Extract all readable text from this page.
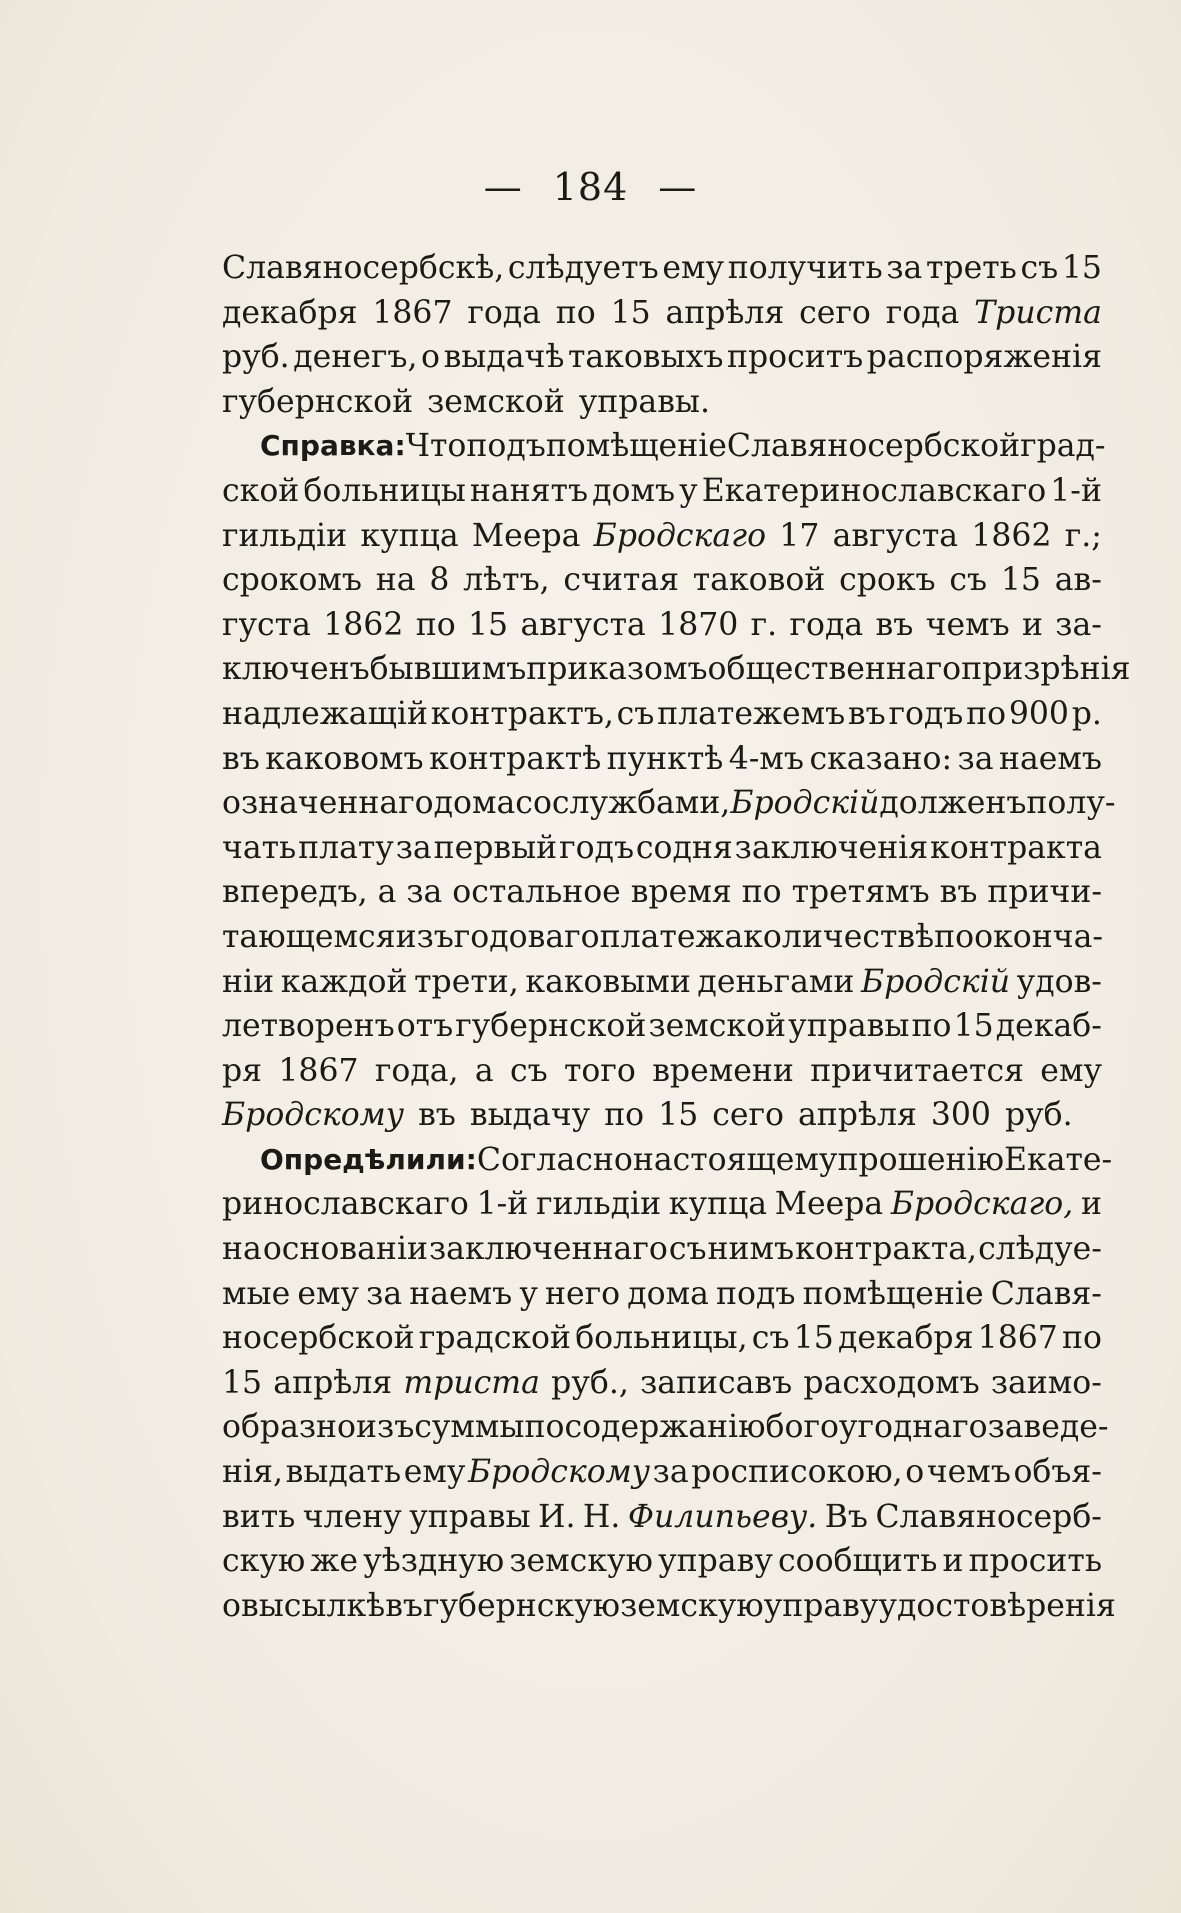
— 184 —
Славяносербскѣ, слѣдуетъ ему получить за треть съ 15
декабря 1867 года по 15 апрѣля сего года Триста
руб. денегъ, о выдачѣ таковыхъ проситъ распоряженія
губернской земской управы.
Справка: Что подъ помѣщеніе Славяносербской град-
ской больницы нанятъ домъ у Екатеринославскаго 1-й
гильдіи купца Меера Бродскаго 17 августа 1862 г.;
срокомъ на 8 лѣтъ, считая таковой срокъ съ 15 ав-
густа 1862 по 15 августа 1870 г. года въ чемъ и за-
ключенъ бывшимъ приказомъ общественнаго призрѣнія
надлежащій контрактъ, съ платежемъ въ годъ по 900 р.
въ каковомъ контрактѣ пунктѣ 4-мъ сказано: за наемъ
означеннаго дома сослужбами, Бродскій долженъ полу-
чать плату за первый годъ содня заключенія контракта
впередъ, а за остальное время по третямъ въ причи-
тающемся изъ годоваго платежа количествѣ по оконча-
ніи каждой трети, каковыми деньгами Бродскій удов-
летворенъ отъ губернской земской управы по 15 декаб-
ря 1867 года, а съ того времени причитается ему
Бродскому въ выдачу по 15 сего апрѣля 300 руб.
Опредѣлили: Согласно настоящему прошенію Екате-
ринославскаго 1-й гильдіи купца Меера Бродскаго, и
на основаніи заключеннаго съ нимъ контракта, слѣдуе-
мые ему за наемъ у него дома подъ помѣщеніе Славя-
носербской градской больницы, съ 15 декабря 1867 по
15 апрѣля триста руб., записавъ расходомъ заимо-
образно изъ суммы по содержанію богоугоднаго заведе-
нія, выдать ему Бродскому за росписокою, о чемъ объя-
вить члену управы И. Н. Филипьеву. Въ Славяносерб-
скую же уѣздную земскую управу сообщить и просить
о высылкѣ въ губернскую земскую управу удостовѣренія
